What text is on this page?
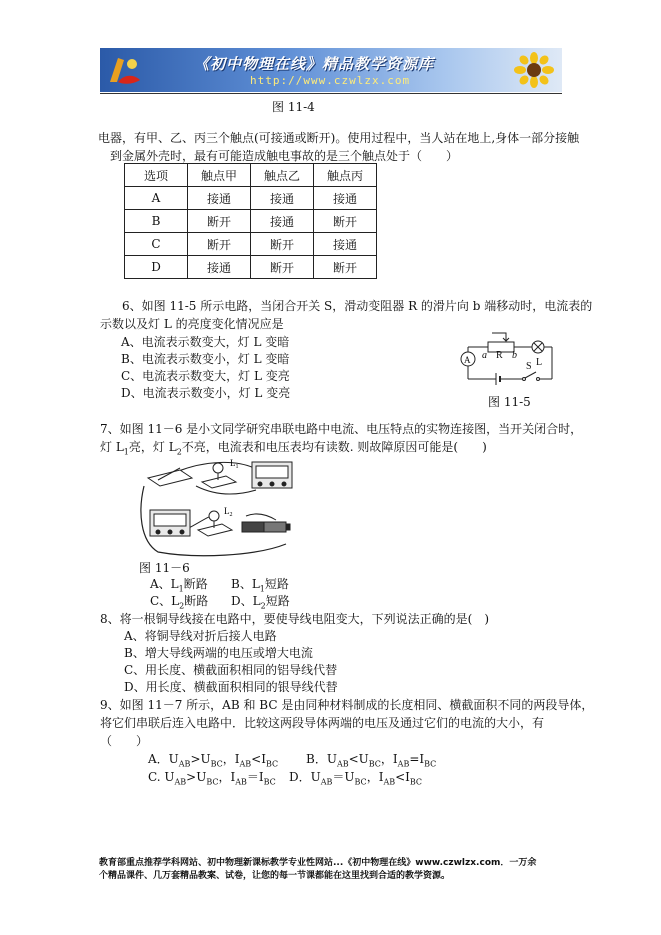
《初中物理在线》精品教学资源库
http://www.czwlzx.com
图 11-4
电器，有甲、乙、丙三个触点(可接通或断开)。使用过程中，当人站在地上,身体一部分接触
到金属外壳时，最有可能造成触电事故的是三个触点处于（　　）
选项	触点甲	触点乙	触点丙
A	接通	接通	接通
B	断开	接通	断开
C	断开	断开	接通
D	接通	断开	断开
6、如图 11-5 所示电路，当闭合开关 S，滑动变阻器 R 的滑片向 b 端移动时，电流表的
示数以及灯 L 的亮度变化情况应是
A、电流表示数变大，灯 L 变暗
B、电流表示数变小，灯 L 变暗
C、电流表示数变大，灯 L 变亮
D、电流表示数变小，灯 L 变亮
a R b
L
A
S
图 11-5
7、如图 11－6 是小文同学研究串联电路中电流、电压特点的实物连接图，当开关闭合时，
灯 $L_1$亮，灯 $L_2$不亮，电流表和电压表均有读数. 则故障原因可能是(　　)
$L_1$
$L_2$
图 11－6
A、$L_1$断路 B、$L_1$短路
C、$L_2$断路 D、$L_2$短路
8、将一根铜导线接在电路中，要使导线电阻变大，下列说法正确的是(　)
A、将铜导线对折后接人电路
B、增大导线两端的电压或增大电流
C、用长度、横截面积相同的铝导线代替
D、用长度、横截面积相同的银导线代替
9、如图 11－7 所示，AB 和 BC 是由同种材料制成的长度相同、横截面积不同的两段导体，
将它们串联后连入电路中．比较这两段导体两端的电压及通过它们的电流的大小，有
（　　）
A．$U_{AB}>U_{BC}$，$I_{AB}<I_{BC}$ B．$U_{AB}<U_{BC}$，$I_{AB}=I_{BC}$
C. $U_{AB}>U_{BC}$，$I_{AB}=I_{BC}$ D．$U_{AB}=U_{BC}$，$I_{AB}<I_{BC}$
教育部重点推荐学科网站、初中物理新课标教学专业性网站...《初中物理在线》www.czwlzx.com．一万余
个精品课件、几万套精品教案、试卷，让您的每一节课都能在这里找到合适的教学资源。
